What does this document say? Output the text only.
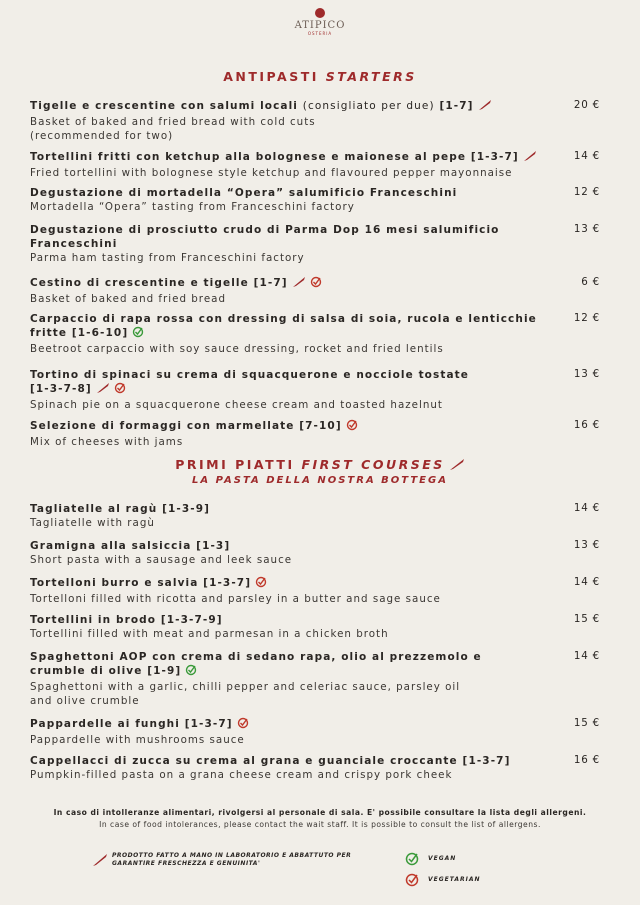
ATIPICO
OSTERIA
ANTIPASTI STARTERS
Tigelle e crescentine con salumi locali (consigliato per due) [1-7]
Basket of baked and fried bread with cold cuts
(recommended for two)
20 €
Tortellini fritti con ketchup alla bolognese e maionese al pepe [1-3-7]
Fried tortellini with bolognese style ketchup and flavoured pepper mayonnaise
14 €
Degustazione di mortadella “Opera” salumificio Franceschini
Mortadella “Opera” tasting from Franceschini factory
12 €
Degustazione di prosciutto crudo di Parma Dop 16 mesi salumificio
Franceschini
Parma ham tasting from Franceschini factory
13 €
Cestino di crescentine e tigelle [1-7]
Basket of baked and fried bread
6 €
Carpaccio di rapa rossa con dressing di salsa di soia, rucola e lenticchie
fritte [1-6-10]
Beetroot carpaccio with soy sauce dressing, rocket and fried lentils
12 €
Tortino di spinaci su crema di squacquerone e nocciole tostate
[1-3-7-8]
Spinach pie on a squacquerone cheese cream and toasted hazelnut
13 €
Selezione di formaggi con marmellate [7-10]
Mix of cheeses with jams
16 €
PRIMI PIATTI FIRST COURSES
LA PASTA DELLA NOSTRA BOTTEGA
Tagliatelle al ragù [1-3-9]
Tagliatelle with ragù
14 €
Gramigna alla salsiccia [1-3]
Short pasta with a sausage and leek sauce
13 €
Tortelloni burro e salvia [1-3-7]
Tortelloni filled with ricotta and parsley in a butter and sage sauce
14 €
Tortellini in brodo [1-3-7-9]
Tortellini filled with meat and parmesan in a chicken broth
15 €
Spaghettoni AOP con crema di sedano rapa, olio al prezzemolo e
crumble di olive [1-9]
Spaghettoni with a garlic, chilli pepper and celeriac sauce, parsley oil
and olive crumble
14 €
Pappardelle ai funghi [1-3-7]
Pappardelle with mushrooms sauce
15 €
Cappellacci di zucca su crema al grana e guanciale croccante [1-3-7]
Pumpkin-filled pasta on a grana cheese cream and crispy pork cheek
16 €
In caso di intolleranze alimentari, rivolgersi al personale di sala. E' possibile consultare la lista degli allergeni.
In case of food intolerances, please contact the wait staff. It is possible to consult the list of allergens.
PRODOTTO FATTO A MANO IN LABORATORIO E ABBATTUTO PER GARANTIRE FRESCHEZZA E GENUINITA'
VEGAN
VEGETARIAN
